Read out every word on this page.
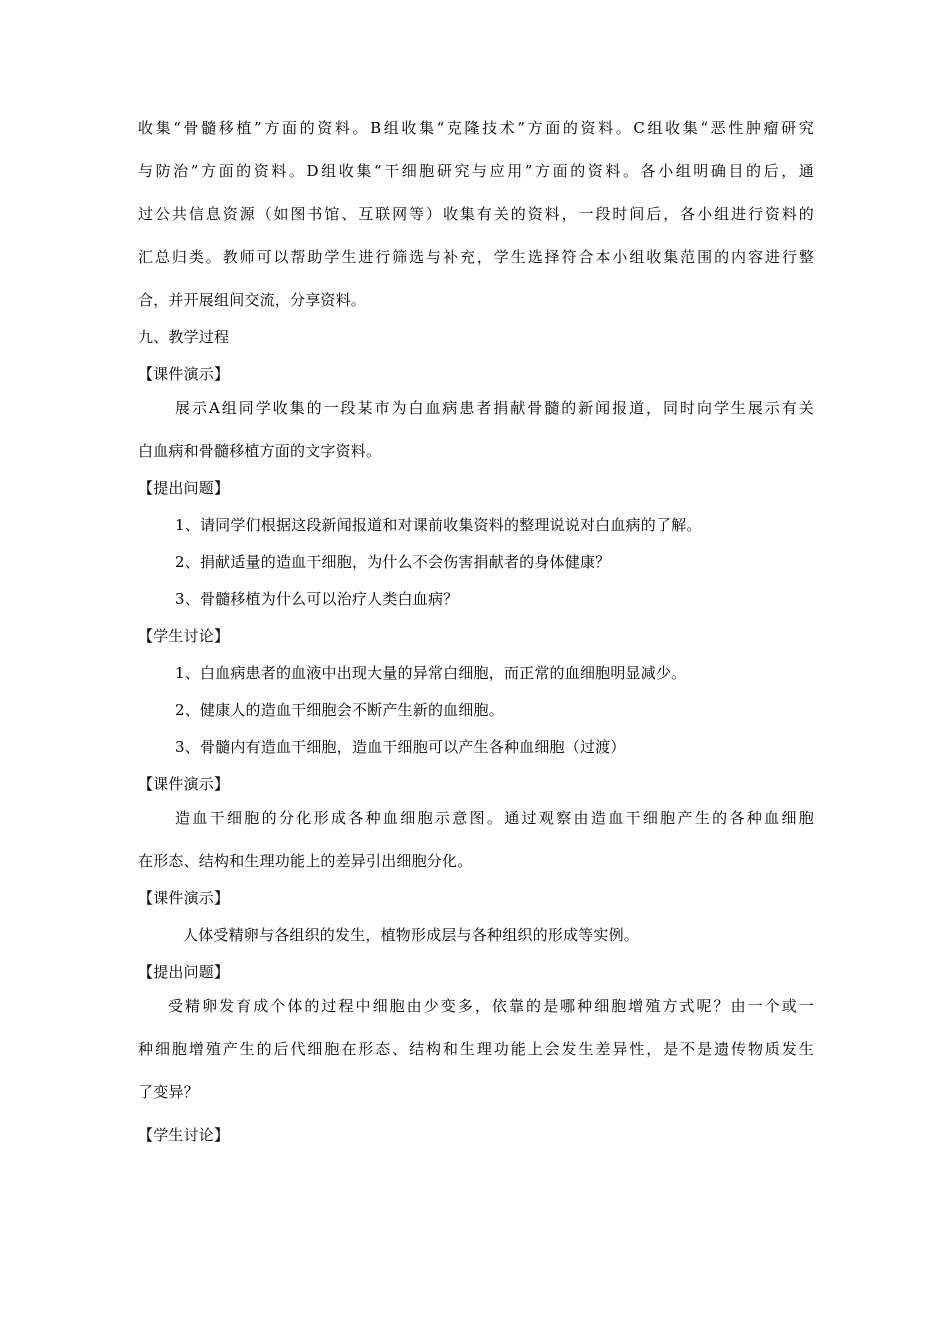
收集“骨髓移植”方面的资料。B组收集“克隆技术”方面的资料。C组收集“恶性肿瘤研究
与防治”方面的资料。D组收集“干细胞研究与应用”方面的资料。各小组明确目的后，通
过公共信息资源（如图书馆、互联网等）收集有关的资料，一段时间后，各小组进行资料的
汇总归类。教师可以帮助学生进行筛选与补充，学生选择符合本小组收集范围的内容进行整
合，并开展组间交流，分享资料。
九、教学过程
【课件演示】
展示A组同学收集的一段某市为白血病患者捐献骨髓的新闻报道，同时向学生展示有关
白血病和骨髓移植方面的文字资料。
【提出问题】
1、请同学们根据这段新闻报道和对课前收集资料的整理说说对白血病的了解。
2、捐献适量的造血干细胞，为什么不会伤害捐献者的身体健康？
3、骨髓移植为什么可以治疗人类白血病？
【学生讨论】
1、白血病患者的血液中出现大量的异常白细胞，而正常的血细胞明显减少。
2、健康人的造血干细胞会不断产生新的血细胞。
3、骨髓内有造血干细胞，造血干细胞可以产生各种血细胞（过渡）
【课件演示】
造血干细胞的分化形成各种血细胞示意图。通过观察由造血干细胞产生的各种血细胞
在形态、结构和生理功能上的差异引出细胞分化。
【课件演示】
人体受精卵与各组织的发生，植物形成层与各种组织的形成等实例。
【提出问题】
受精卵发育成个体的过程中细胞由少变多，依靠的是哪种细胞增殖方式呢？由一个或一
种细胞增殖产生的后代细胞在形态、结构和生理功能上会发生差异性，是不是遗传物质发生
了变异？
【学生讨论】
